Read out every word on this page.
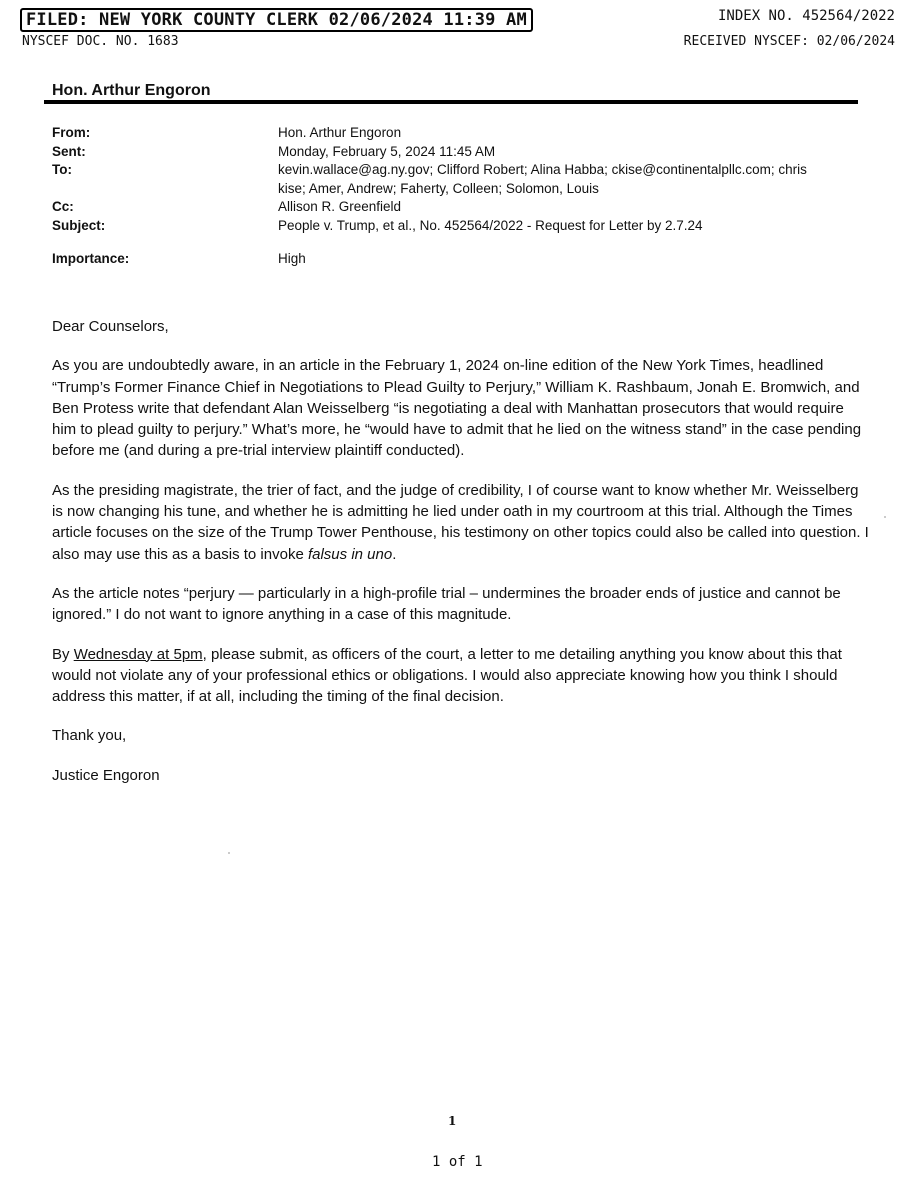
FILED: NEW YORK COUNTY CLERK 02/06/2024 11:39 AM	INDEX NO. 452564/2022
NYSCEF DOC. NO. 1683	RECEIVED NYSCEF: 02/06/2024
Hon. Arthur Engoron
From:	Hon. Arthur Engoron
Sent:	Monday, February 5, 2024 11:45 AM
To:	kevin.wallace@ag.ny.gov; Clifford Robert; Alina Habba; ckise@continentalpllc.com; chris
kise; Amer, Andrew; Faherty, Colleen; Solomon, Louis
Cc:	Allison R. Greenfield
Subject:	People v. Trump, et al., No. 452564/2022 - Request for Letter by 2.7.24
Importance:	High

Dear Counselors,

As you are undoubtedly aware, in an article in the February 1, 2024 on-line edition of the New York Times, headlined “Trump’s Former Finance Chief in Negotiations to Plead Guilty to Perjury,” William K. Rashbaum, Jonah E. Bromwich, and Ben Protess write that defendant Alan Weisselberg “is negotiating a deal with Manhattan prosecutors that would require him to plead guilty to perjury.” What’s more, he “would have to admit that he lied on the witness stand” in the case pending before me (and during a pre-trial interview plaintiff conducted).

As the presiding magistrate, the trier of fact, and the judge of credibility, I of course want to know whether Mr. Weisselberg is now changing his tune, and whether he is admitting he lied under oath in my courtroom at this trial. Although the Times article focuses on the size of the Trump Tower Penthouse, his testimony on other topics could also be called into question. I also may use this as a basis to invoke falsus in uno.

As the article notes “perjury — particularly in a high-profile trial – undermines the broader ends of justice and cannot be ignored.” I do not want to ignore anything in a case of this magnitude.

By Wednesday at 5pm, please submit, as officers of the court, a letter to me detailing anything you know about this that would not violate any of your professional ethics or obligations. I would also appreciate knowing how you think I should address this matter, if at all, including the timing of the final decision.

Thank you,

Justice Engoron

1
1 of 1
